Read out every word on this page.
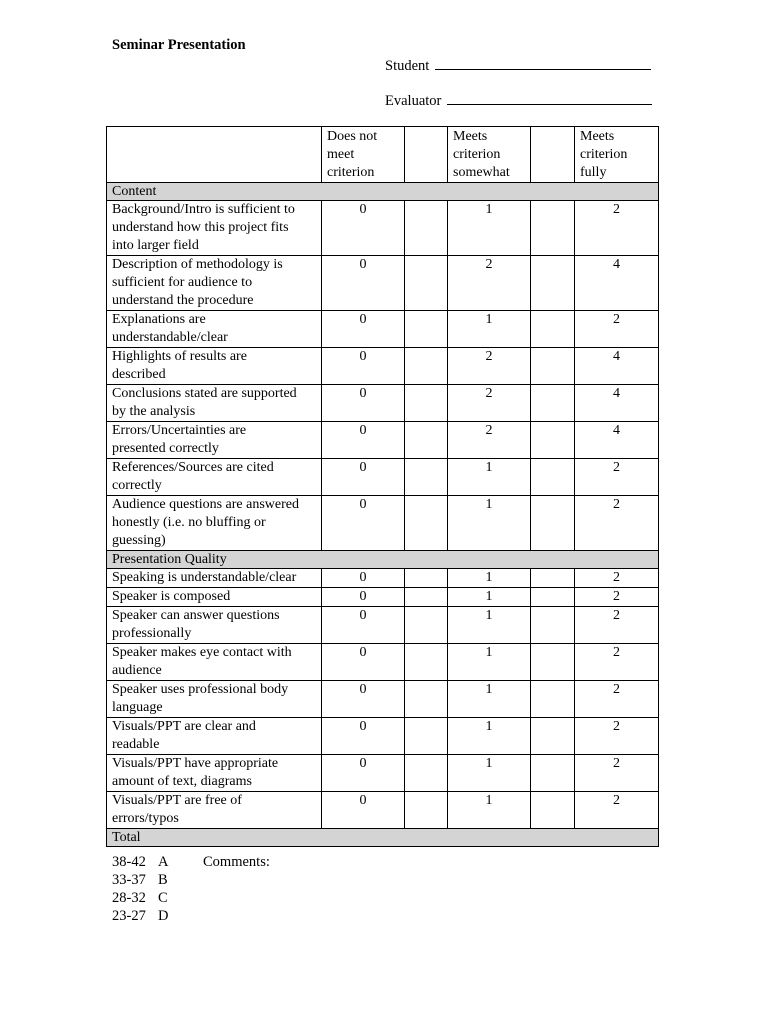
Seminar Presentation
Student
Evaluator
	Does not
meet
criterion		Meets
criterion
somewhat		Meets
criterion
fully
Content					
Background/Intro is sufficient to
understand how this project fits
into larger field	0		1		2
Description of methodology is
sufficient for audience to
understand the procedure	0		2		4
Explanations are
understandable/clear	0		1		2
Highlights of results are
described	0		2		4
Conclusions stated are supported
by the analysis	0		2		4
Errors/Uncertainties are
presented correctly	0		2		4
References/Sources are cited
correctly	0		1		2
Audience questions are answered
honestly (i.e. no bluffing or
guessing)	0		1		2
Presentation Quality					
Speaking is understandable/clear	0		1		2
Speaker is composed	0		1		2
Speaker can answer questions
professionally	0		1		2
Speaker makes eye contact with
audience	0		1		2
Speaker uses professional body
language	0		1		2
Visuals/PPT are clear and
readable	0		1		2
Visuals/PPT have appropriate
amount of text, diagrams	0		1		2
Visuals/PPT are free of
errors/typos	0		1		2
Total					
38-42 A
33-37 B
28-32 C
23-27 D
Comments:
